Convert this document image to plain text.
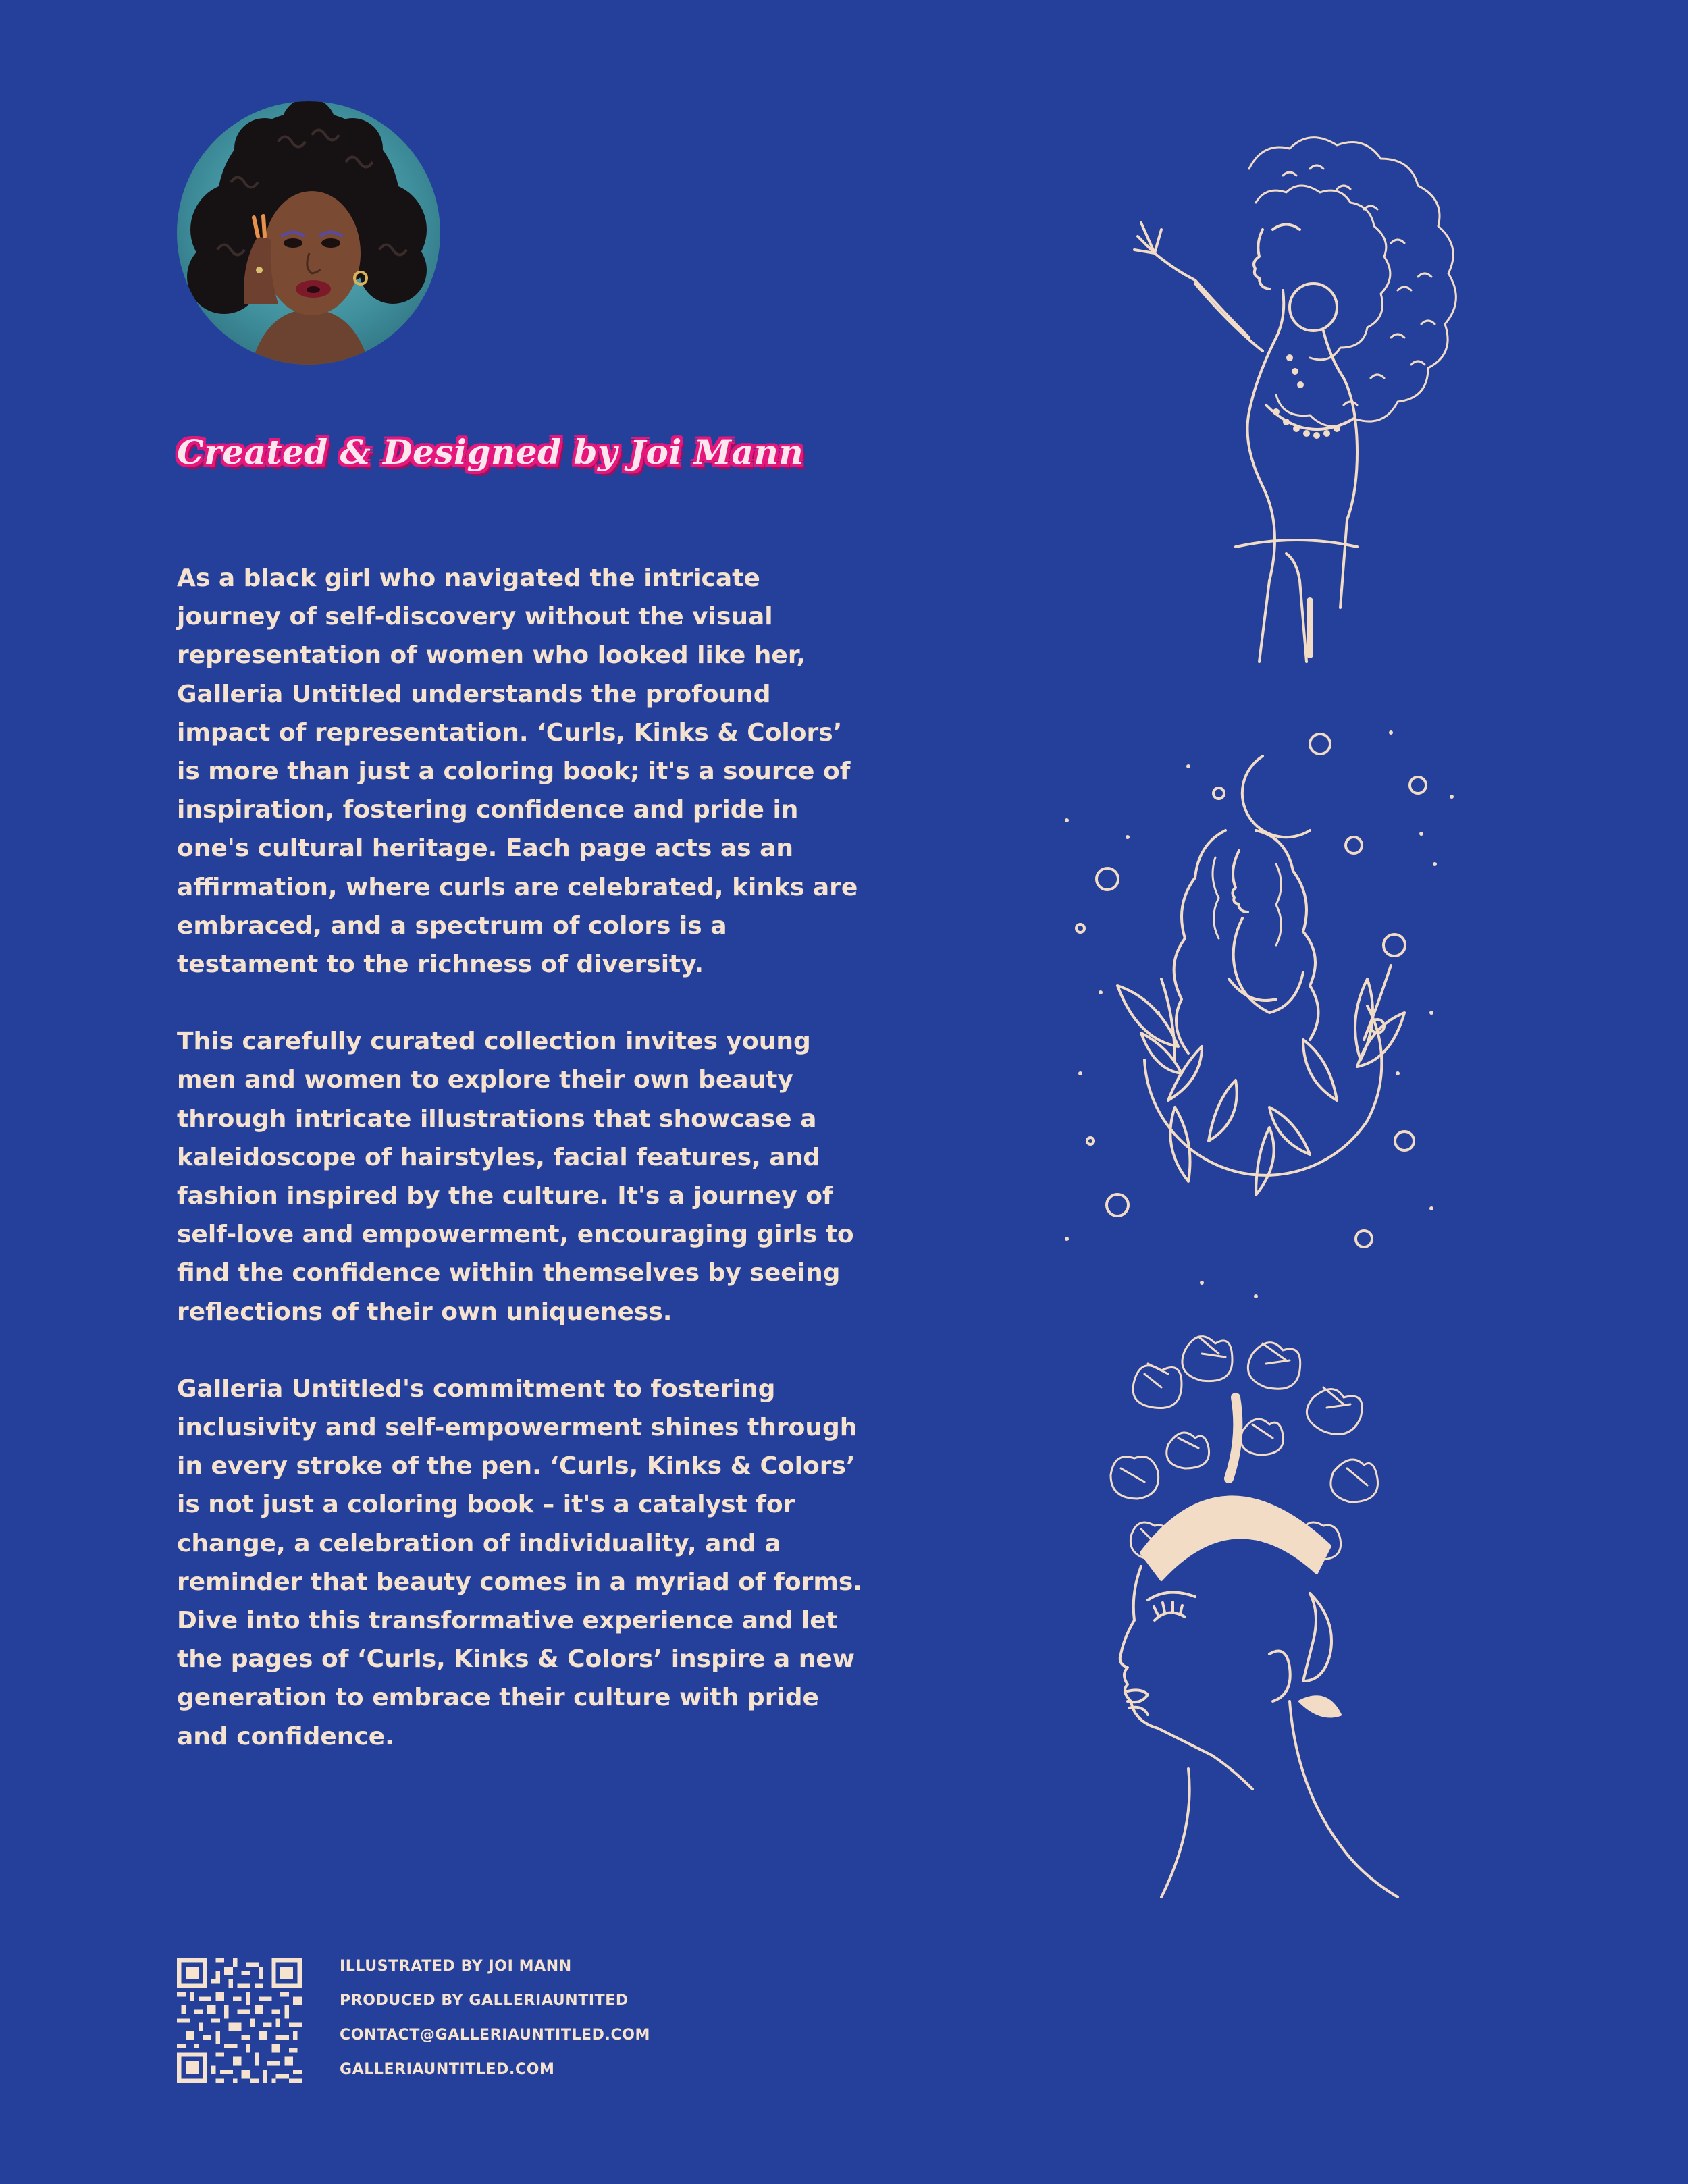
Created & Designed by Joi Mann

As a black girl who navigated the intricate journey of self-discovery without the visual representation of women who looked like her, Galleria Untitled understands the profound impact of representation. ‘Curls, Kinks & Colors’ is more than just a coloring book; it's a source of inspiration, fostering confidence and pride in one's cultural heritage. Each page acts as an affirmation, where curls are celebrated, kinks are embraced, and a spectrum of colors is a testament to the richness of diversity.

This carefully curated collection invites young men and women to explore their own beauty through intricate illustrations that showcase a kaleidoscope of hairstyles, facial features, and fashion inspired by the culture. It's a journey of self-love and empowerment, encouraging girls to find the confidence within themselves by seeing reflections of their own uniqueness.

Galleria Untitled's commitment to fostering inclusivity and self-empowerment shines through in every stroke of the pen. ‘Curls, Kinks & Colors’ is not just a coloring book – it's a catalyst for change, a celebration of individuality, and a reminder that beauty comes in a myriad of forms. Dive into this transformative experience and let the pages of ‘Curls, Kinks & Colors’ inspire a new generation to embrace their culture with pride and confidence.

ILLUSTRATED BY JOI MANN
PRODUCED BY GALLERIAUNTITED
CONTACT@GALLERIAUNTITLED.COM
GALLERIAUNTITLED.COM
